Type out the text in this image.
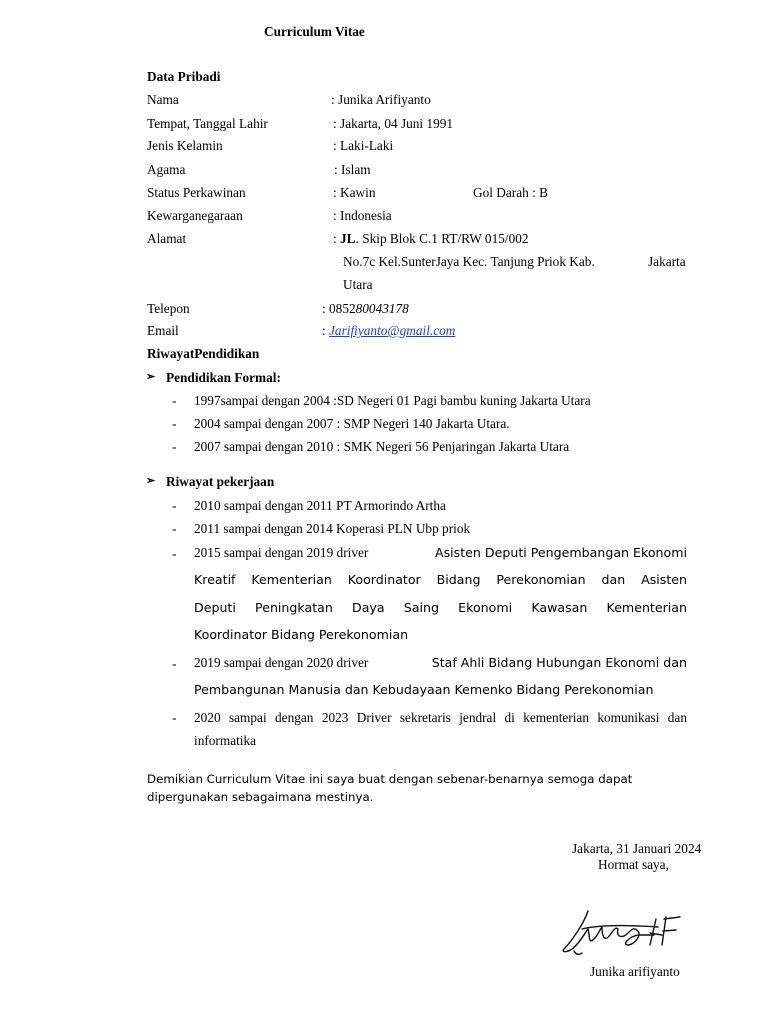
Curriculum Vitae
Data Pribadi
Nama	: Junika Arifiyanto
Tempat, Tanggal Lahir	: Jakarta, 04 Juni 1991
Jenis Kelamin	: Laki-Laki
Agama	: Islam
Status Perkawinan	: Kawin	Gol Darah : B
Kewarganegaraan	: Indonesia
Alamat	: JL. Skip Blok C.1 RT/RW 015/002
No.7c Kel.SunterJaya Kec. Tanjung Priok Kab.	Jakarta
Utara
Telepon	: 085280043178
Email	: Jarifiyanto@gmail.com
RiwayatPendidikan
➢ Pendidikan Formal:
- 1997sampai dengan 2004 :SD Negeri 01 Pagi bambu kuning Jakarta Utara
- 2004 sampai dengan 2007 : SMP Negeri 140 Jakarta Utara.
- 2007 sampai dengan 2010 : SMK Negeri 56 Penjaringan Jakarta Utara
➢ Riwayat pekerjaan
- 2010 sampai dengan 2011 PT Armorindo Artha
- 2011 sampai dengan 2014 Koperasi PLN Ubp priok
- 2015 sampai dengan 2019 driver	Asisten Deputi Pengembangan Ekonomi
Kreatif Kementerian Koordinator Bidang Perekonomian dan Asisten
Deputi Peningkatan Daya Saing Ekonomi Kawasan Kementerian
Koordinator Bidang Perekonomian
- 2019 sampai dengan 2020 driver	Staf Ahli Bidang Hubungan Ekonomi dan
Pembangunan Manusia dan Kebudayaan Kemenko Bidang Perekonomian
- 2020 sampai dengan 2023 Driver sekretaris jendral di kementerian komunikasi dan
informatika
Demikian Curriculum Vitae ini saya buat dengan sebenar-benarnya semoga dapat
dipergunakan sebagaimana mestinya.
Jakarta, 31 Januari 2024
Hormat saya,
Junika arifiyanto
